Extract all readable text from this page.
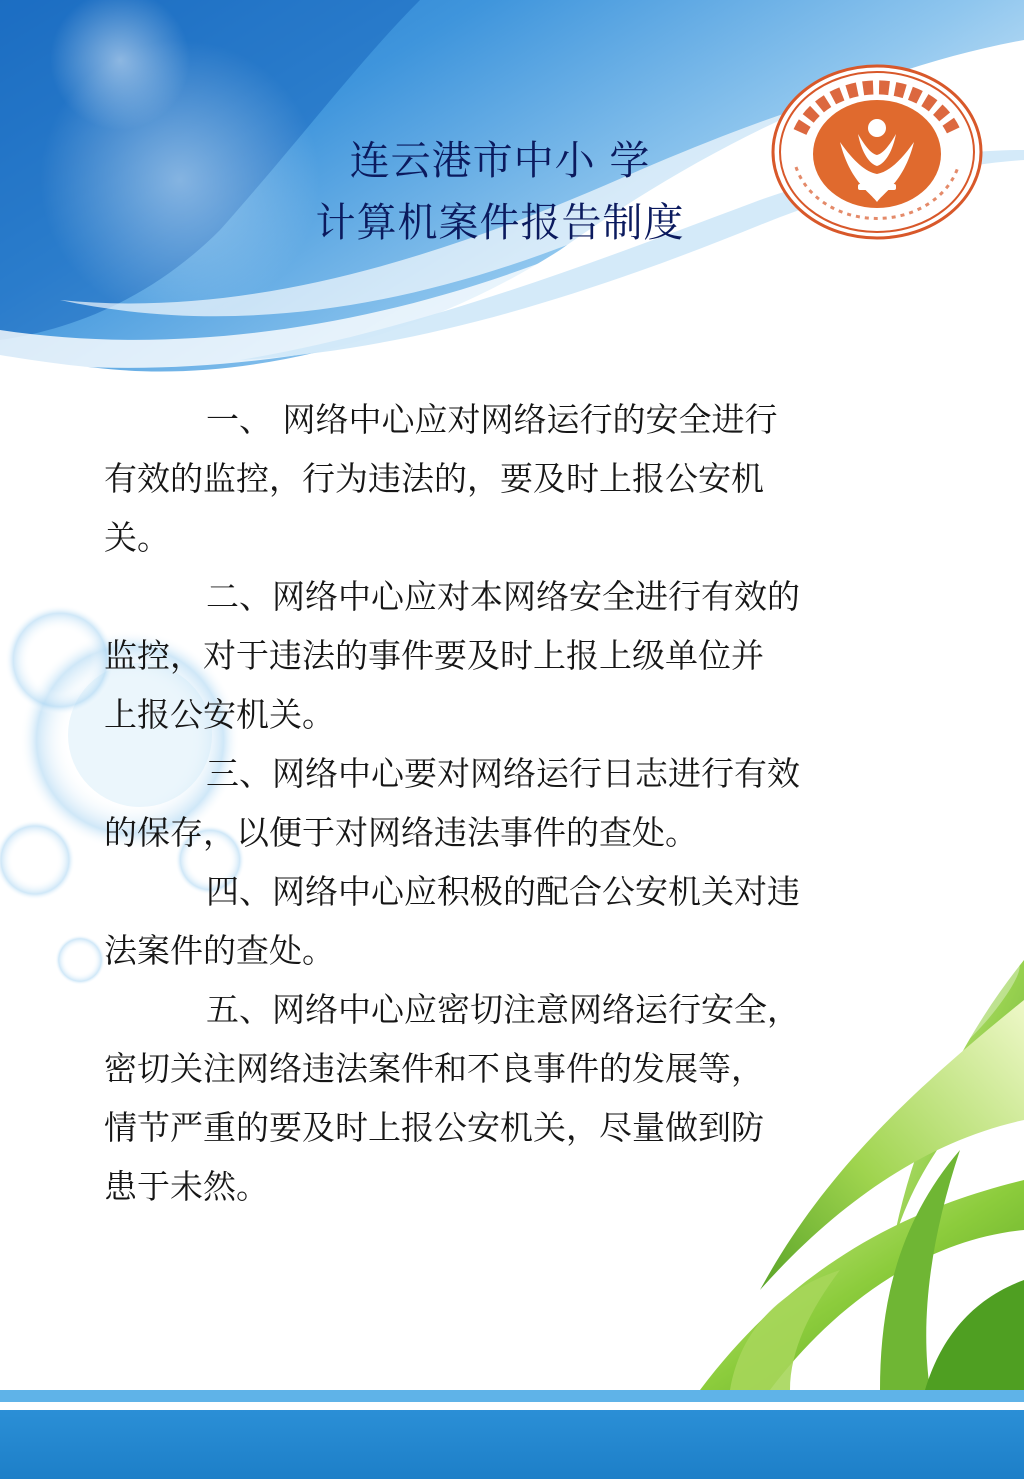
连云港市中小 学
计算机案件报告制度

一、 网络中心应对网络运行的安全进行
有效的监控，行为违法的，要及时上报公安机
关。

二、网络中心应对本网络安全进行有效的
监控，对于违法的事件要及时上报上级单位并
上报公安机关。

三、网络中心要对网络运行日志进行有效
的保存，以便于对网络违法事件的查处。

四、网络中心应积极的配合公安机关对违
法案件的查处。

五、网络中心应密切注意网络运行安全，
密切关注网络违法案件和不良事件的发展等，
情节严重的要及时上报公安机关，尽量做到防
患于未然。
